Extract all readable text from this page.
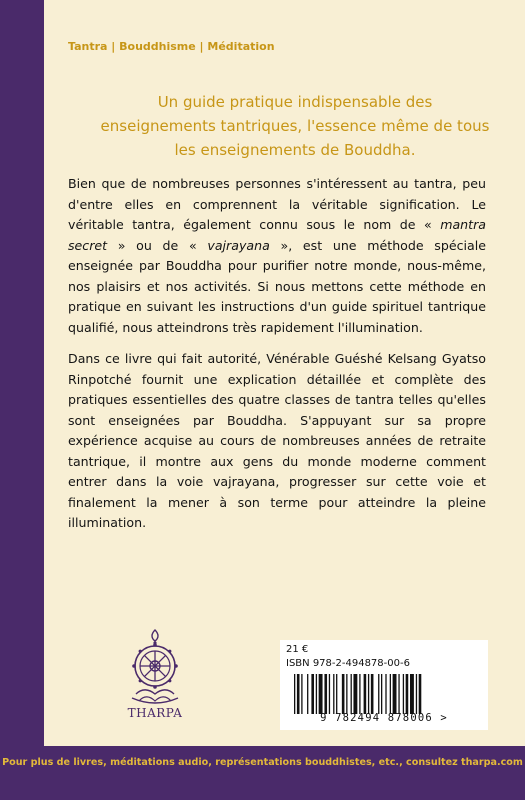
Tantra | Bouddhisme | Méditation
Un guide pratique indispensable des enseignements tantriques, l'essence même de tous les enseignements de Bouddha.

Bien que de nombreuses personnes s'intéressent au tantra, peu d'entre elles en comprennent la véritable signification. Le véritable tantra, également connu sous le nom de « mantra secret » ou de « vajrayana », est une méthode spéciale enseignée par Bouddha pour purifier notre monde, nous-même, nos plaisirs et nos activités. Si nous mettons cette méthode en pratique en suivant les instructions d'un guide spirituel tantrique qualifié, nous atteindrons très rapidement l'illumination.

Dans ce livre qui fait autorité, Vénérable Guéshé Kelsang Gyatso Rinpotché fournit une explication détaillée et complète des pratiques essentielles des quatre classes de tantra telles qu'elles sont enseignées par Bouddha. S'appuyant sur sa propre expérience acquise au cours de nombreuses années de retraite tantrique, il montre aux gens du monde moderne comment entrer dans la voie vajrayana, progresser sur cette voie et finalement la mener à son terme pour atteindre la pleine illumination.

THARPA
21 €
ISBN 978-2-494878-00-6
9 782494 878006 >
Pour plus de livres, méditations audio, représentations bouddhistes, etc., consultez tharpa.com
